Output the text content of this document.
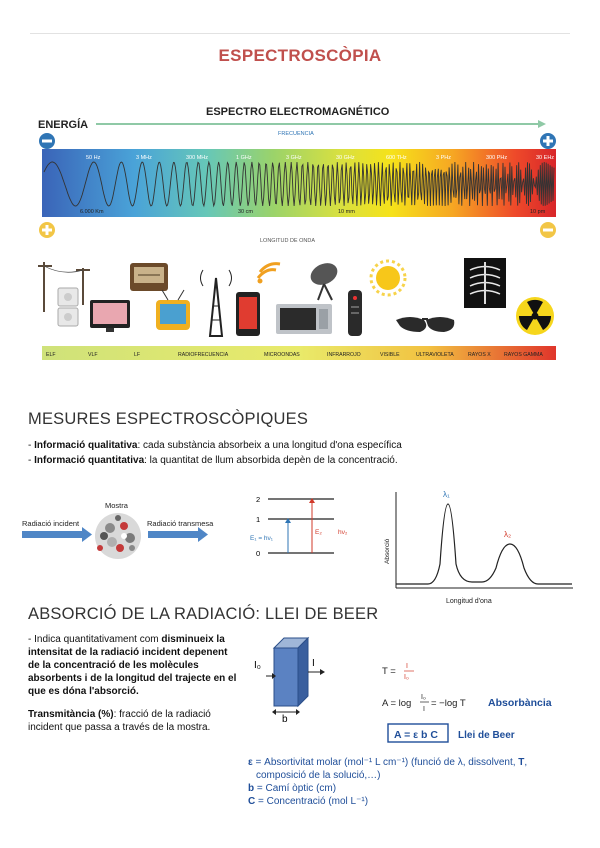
ESPECTROSCÒPIA
ESPECTRO ELECTROMAGNÉTICO
ENERGÍA
FRECUENCIA
50 Hz	3 MHz	300 MHz	1 GHz	3 GHz	30 GHz	600 THz	3 PHz	300 PHz	30 EHz
6.000 Km	30 cm	10 mm	10 pm
LONGITUD DE ONDA
ELF	VLF	LF	RADIOFRECUENCIA	MICROONDAS	INFRARROJO	VISIBLE	ULTRAVIOLETA	RAYOS X	RAYOS GAMMA
MESURES ESPECTROSCÒPIQUES
- Informació qualitativa: cada substància absorbeix a una longitud d'ona específica
- Informació quantitativa: la quantitat de llum absorbida depèn de la concentració.
Mostra
Radiació incident	Radiació transmesa
2
1
0
E₁ = hν₁
E₂ hν₂
λ₁
λ₂
Longitud d'ona
Absorció
ABSORCIÓ DE LA RADIACIÓ: LLEI DE BEER

- Indica quantitativament com disminueix la intensitat de la radiació incident depenent de la concentració de les molècules absorbents i de la longitud del trajecte en el que es dóna l'absorció.

Transmitància (%): fracció de la radiació incident que passa a través de la mostra.

I₀	I
b
T = I
I₀
A = log
I₀
I
= −log T Absorbància
A = ε b C Llei de Beer
ε = Absortivitat molar (mol⁻¹ L cm⁻¹) (funció de λ, dissolvent, T,
composició de la solució,…)
b = Camí òptic (cm)
C = Concentració (mol L⁻¹)
